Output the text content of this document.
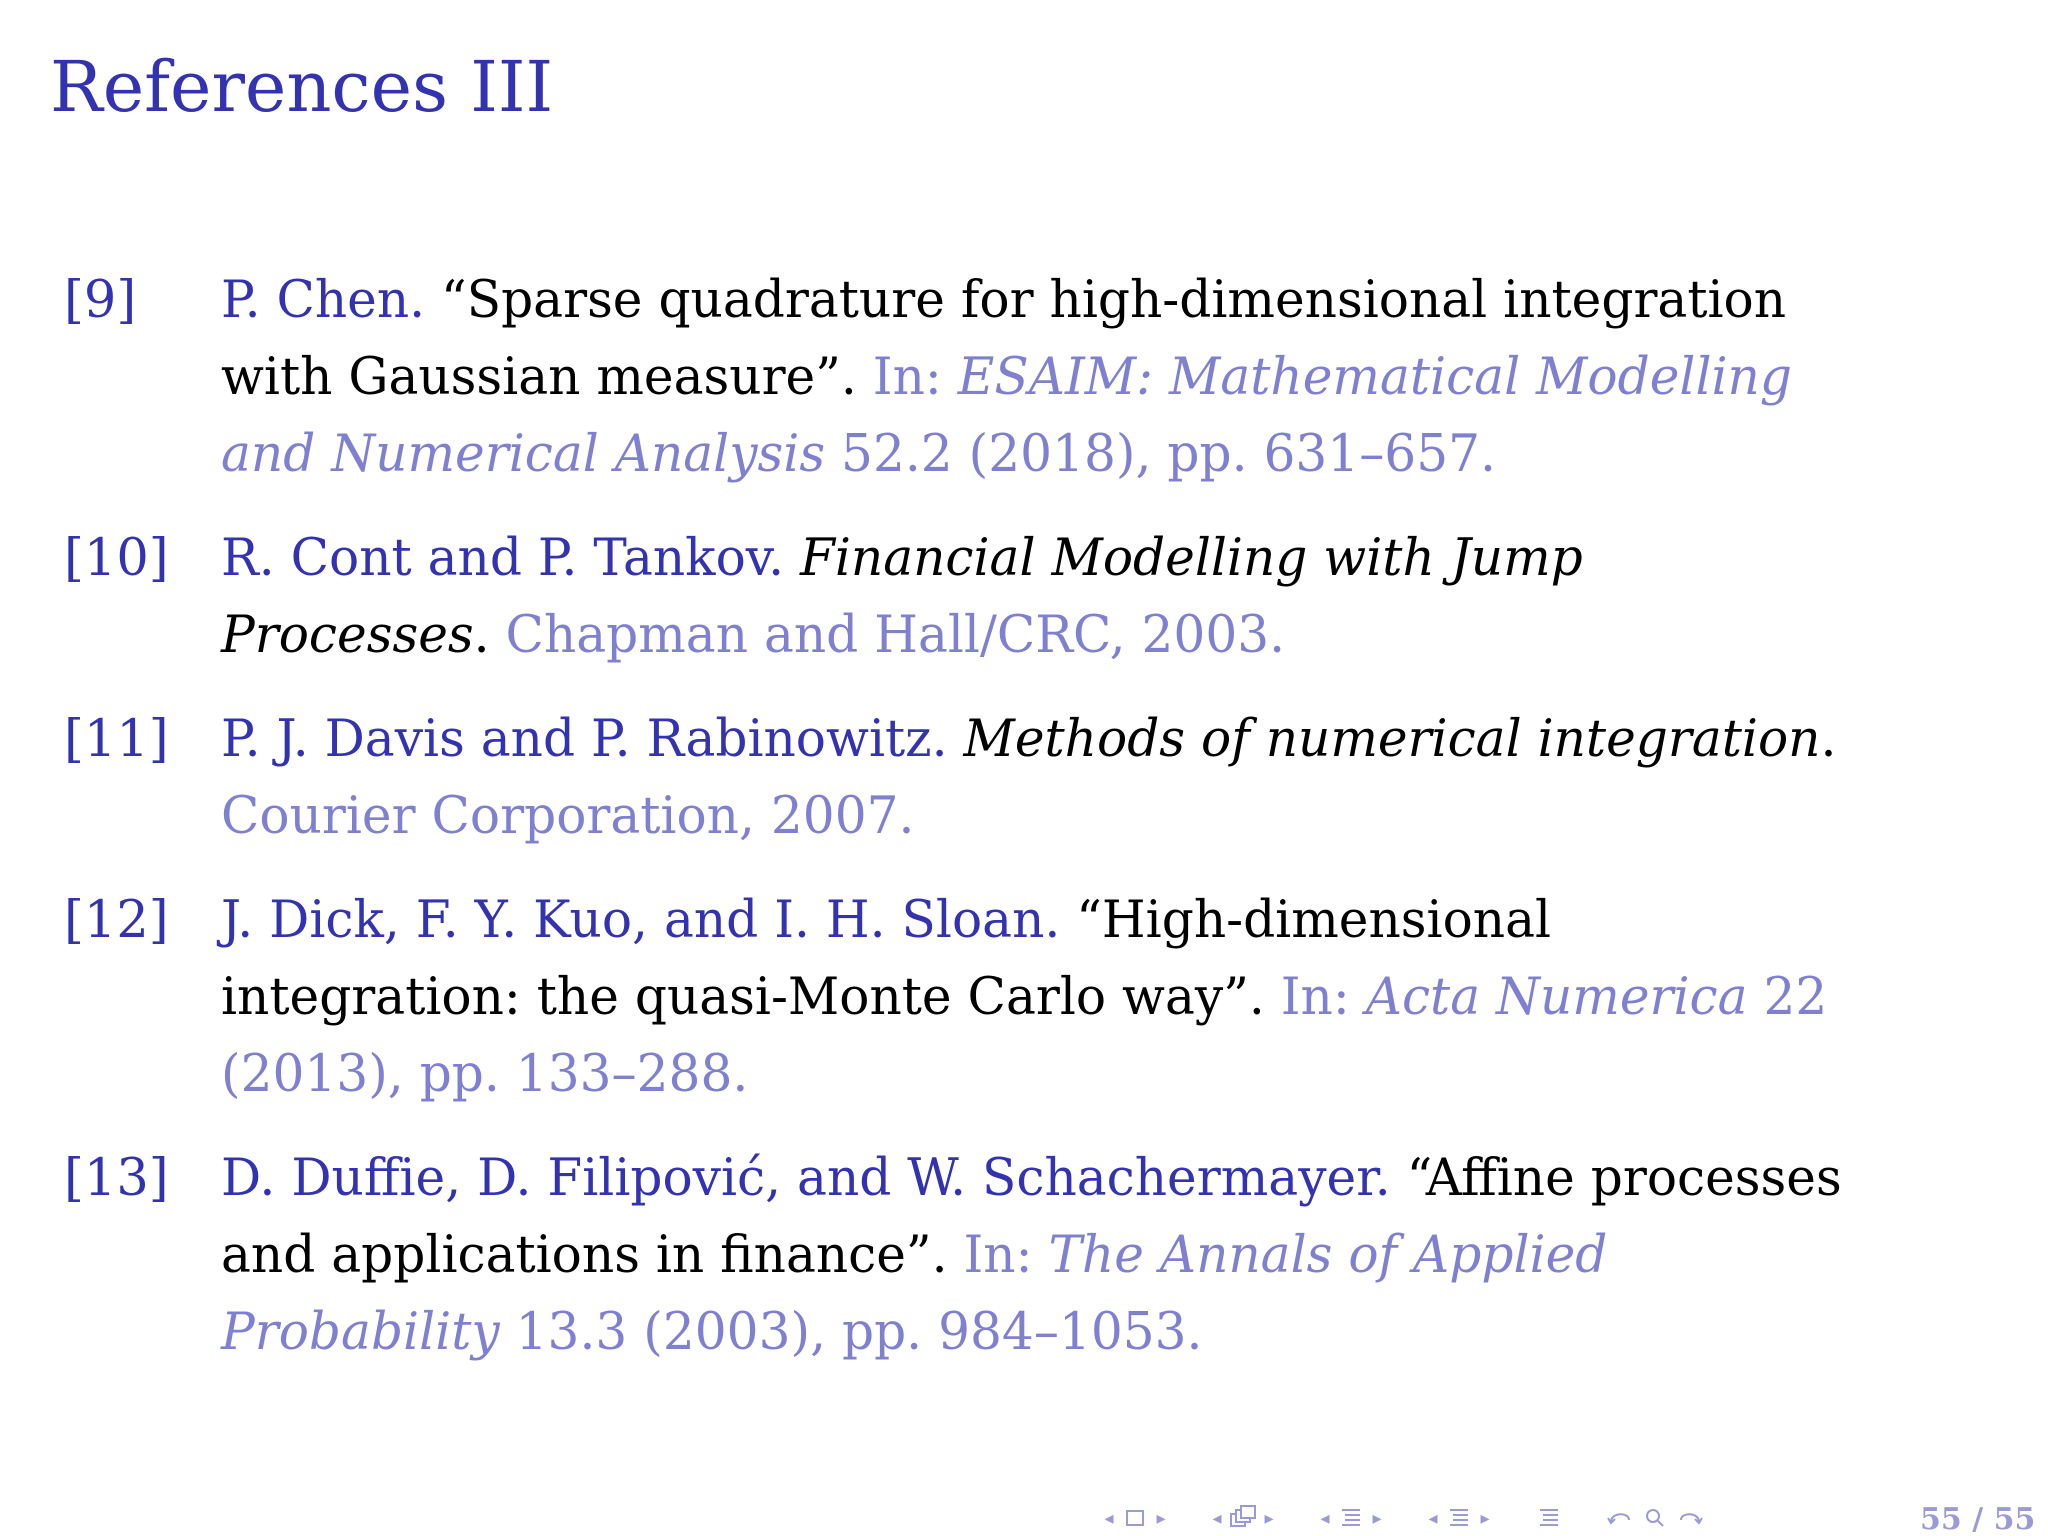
References III
[9] P. Chen. “Sparse quadrature for high-dimensional integration
with Gaussian measure”. In: ESAIM: Mathematical Modelling
and Numerical Analysis 52.2 (2018), pp. 631–657.
[10] R. Cont and P. Tankov. Financial Modelling with Jump
Processes. Chapman and Hall/CRC, 2003.
[11] P. J. Davis and P. Rabinowitz. Methods of numerical integration.
Courier Corporation, 2007.
[12] J. Dick, F. Y. Kuo, and I. H. Sloan. “High-dimensional
integration: the quasi-Monte Carlo way”. In: Acta Numerica 22
(2013), pp. 133–288.
[13] D. Duffie, D. Filipović, and W. Schachermayer. “Affine processes
and applications in finance”. In: The Annals of Applied
Probability 13.3 (2003), pp. 984–1053.
◂ ▸	◂ ▸	◂ ▸	◂ ▸	55 / 55
